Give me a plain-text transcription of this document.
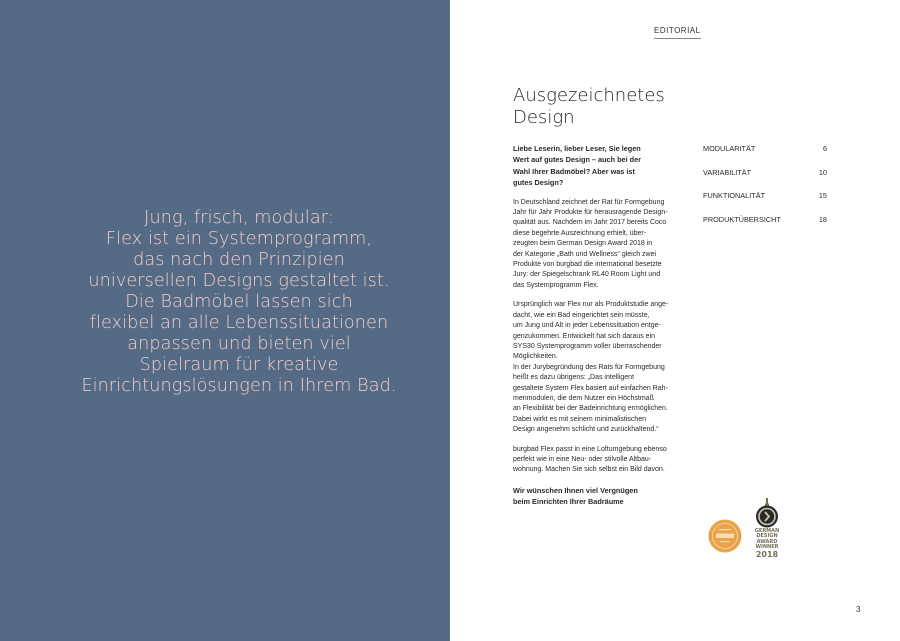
Jung, frisch, modular:
Flex ist ein Systemprogramm,
das nach den Prinzipien
universellen Designs gestaltet ist.
Die Badmöbel lassen sich
flexibel an alle Lebenssituationen
anpassen und bieten viel
Spielraum für kreative
Einrichtungslösungen in Ihrem Bad.
EDITORIAL
Ausgezeichnetes
Design
Liebe Leserin, lieber Leser, Sie legen
Wert auf gutes Design – auch bei der
Wahl Ihrer Badmöbel? Aber was ist
gutes Design?
In Deutschland zeichnet der Rat für Formgebung
Jahr für Jahr Produkte für herausragende Design-
qualität aus. Nachdem im Jahr 2017 bereits Coco
diese begehrte Auszeichnung erhielt, über-
zeugten beim German Design Award 2018 in
der Kategorie „Bath und Wellness“ gleich zwei
Produkte von burgbad die international besetzte
Jury: der Spiegelschrank RL40 Room Light und
das Systemprogramm Flex.
Ursprünglich war Flex nur als Produktstudie ange-
dacht, wie ein Bad eingerichtet sein müsste,
um Jung und Alt in jeder Lebenssituation entge-
genzukommen. Entwickelt hat sich daraus ein
SYS30 Systemprogramm voller überraschender
Möglichkeiten.
In der Jurybegründung des Rats für Formgebung
heißt es dazu übrigens: „Das intelligent
gestaltete System Flex basiert auf einfachen Rah-
menmodulen, die dem Nutzer ein Höchstmaß
an Flexibilität bei der Badeinrichtung ermöglichen.
Dabei wirkt es mit seinem minimalistischen
Design angenehm schlicht und zurückhaltend.“
burgbad Flex passt in eine Loftumgebung ebenso
perfekt wie in eine Neu- oder stilvolle Altbau-
wohnung. Machen Sie sich selbst ein Bild davon.
Wir wünschen Ihnen viel Vergnügen
beim Einrichten Ihrer Badräume
MODULARITÄT	6
VARIABILITÄT	10
FUNKTIONALITÄT	15
PRODUKTÜBERSICHT	18
GERMAN
DESIGN
AWARD
WINNER
2018
3
